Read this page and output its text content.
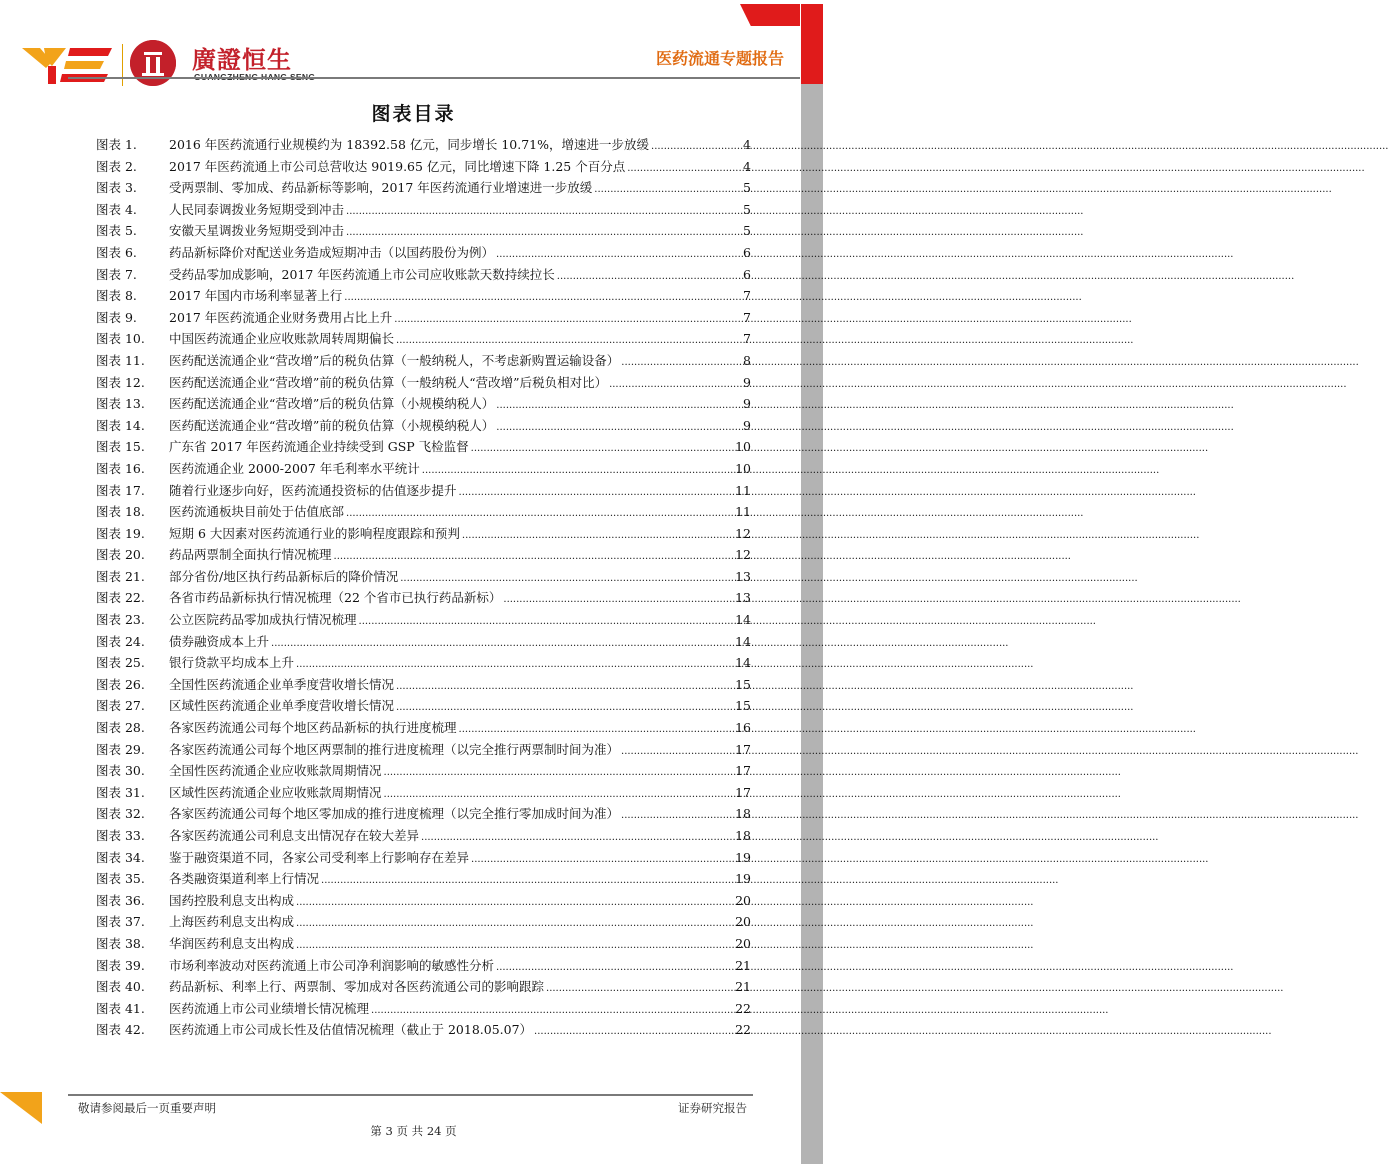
廣證恒生	医药流通专题报告
图表目录
图表 1.	2016 年医药流通行业规模约为 18392.58 亿元，同步增长 10.71%，增速进一步放缓 .....	4
图表 2.	2017 年医药流通上市公司总营收达 9019.65 亿元，同比增速下降 1.25 个百分点 .....	4
图表 3.	受两票制、零加成、药品新标等影响，2017 年医药流通行业增速进一步放缓 .....	5
图表 4.	人民同泰调拨业务短期受到冲击 .....	5
图表 5.	安徽天星调拨业务短期受到冲击 .....	5
图表 6.	药品新标降价对配送业务造成短期冲击（以国药股份为例） .....	6
图表 7.	受药品零加成影响，2017 年医药流通上市公司应收账款天数持续拉长 .....	6
图表 8.	2017 年国内市场利率显著上行 .....	7
图表 9.	2017 年医药流通企业财务费用占比上升 .....	7
图表 10.	中国医药流通企业应收账款周转周期偏长 .....	7
图表 11.	医药配送流通企业“营改增”后的税负估算（一般纳税人，不考虑新购置运输设备） .....	8
图表 12.	医药配送流通企业“营改增”前的税负估算（一般纳税人“营改增”后税负相对比） .....	9
图表 13.	医药配送流通企业“营改增”后的税负估算（小规模纳税人） .....	9
图表 14.	医药配送流通企业“营改增”前的税负估算（小规模纳税人） .....	9
图表 15.	广东省 2017 年医药流通企业持续受到 GSP 飞检监督 .....	10
图表 16.	医药流通企业 2000-2007 年毛利率水平统计 .....	10
图表 17.	随着行业逐步向好，医药流通投资标的估值逐步提升 .....	11
图表 18.	医药流通板块目前处于估值底部 .....	11
图表 19.	短期 6 大因素对医药流通行业的影响程度跟踪和预判 .....	12
图表 20.	药品两票制全面执行情况梳理 .....	12
图表 21.	部分省份/地区执行药品新标后的降价情况 .....	13
图表 22.	各省市药品新标执行情况梳理（22 个省市已执行药品新标） .....	13
图表 23.	公立医院药品零加成执行情况梳理 .....	14
图表 24.	债券融资成本上升 .....	14
图表 25.	银行贷款平均成本上升 .....	14
图表 26.	全国性医药流通企业单季度营收增长情况 .....	15
图表 27.	区域性医药流通企业单季度营收增长情况 .....	15
图表 28.	各家医药流通公司每个地区药品新标的执行进度梳理 .....	16
图表 29.	各家医药流通公司每个地区两票制的推行进度梳理（以完全推行两票制时间为准） .....	17
图表 30.	全国性医药流通企业应收账款周期情况 .....	17
图表 31.	区域性医药流通企业应收账款周期情况 .....	17
图表 32.	各家医药流通公司每个地区零加成的推行进度梳理（以完全推行零加成时间为准） .....	18
图表 33.	各家医药流通公司利息支出情况存在较大差异 .....	18
图表 34.	鉴于融资渠道不同，各家公司受利率上行影响存在差异 .....	19
图表 35.	各类融资渠道利率上行情况 .....	19
图表 36.	国药控股利息支出构成 .....	20
图表 37.	上海医药利息支出构成 .....	20
图表 38.	华润医药利息支出构成 .....	20
图表 39.	市场利率波动对医药流通上市公司净利润影响的敏感性分析 .....	21
图表 40.	药品新标、利率上行、两票制、零加成对各医药流通公司的影响跟踪 .....	21
图表 41.	医药流通上市公司业绩增长情况梳理 .....	22
图表 42.	医药流通上市公司成长性及估值情况梳理（截止于 2018.05.07） .....	22
敬请参阅最后一页重要声明	证券研究报告
第 3 页 共 24 页
